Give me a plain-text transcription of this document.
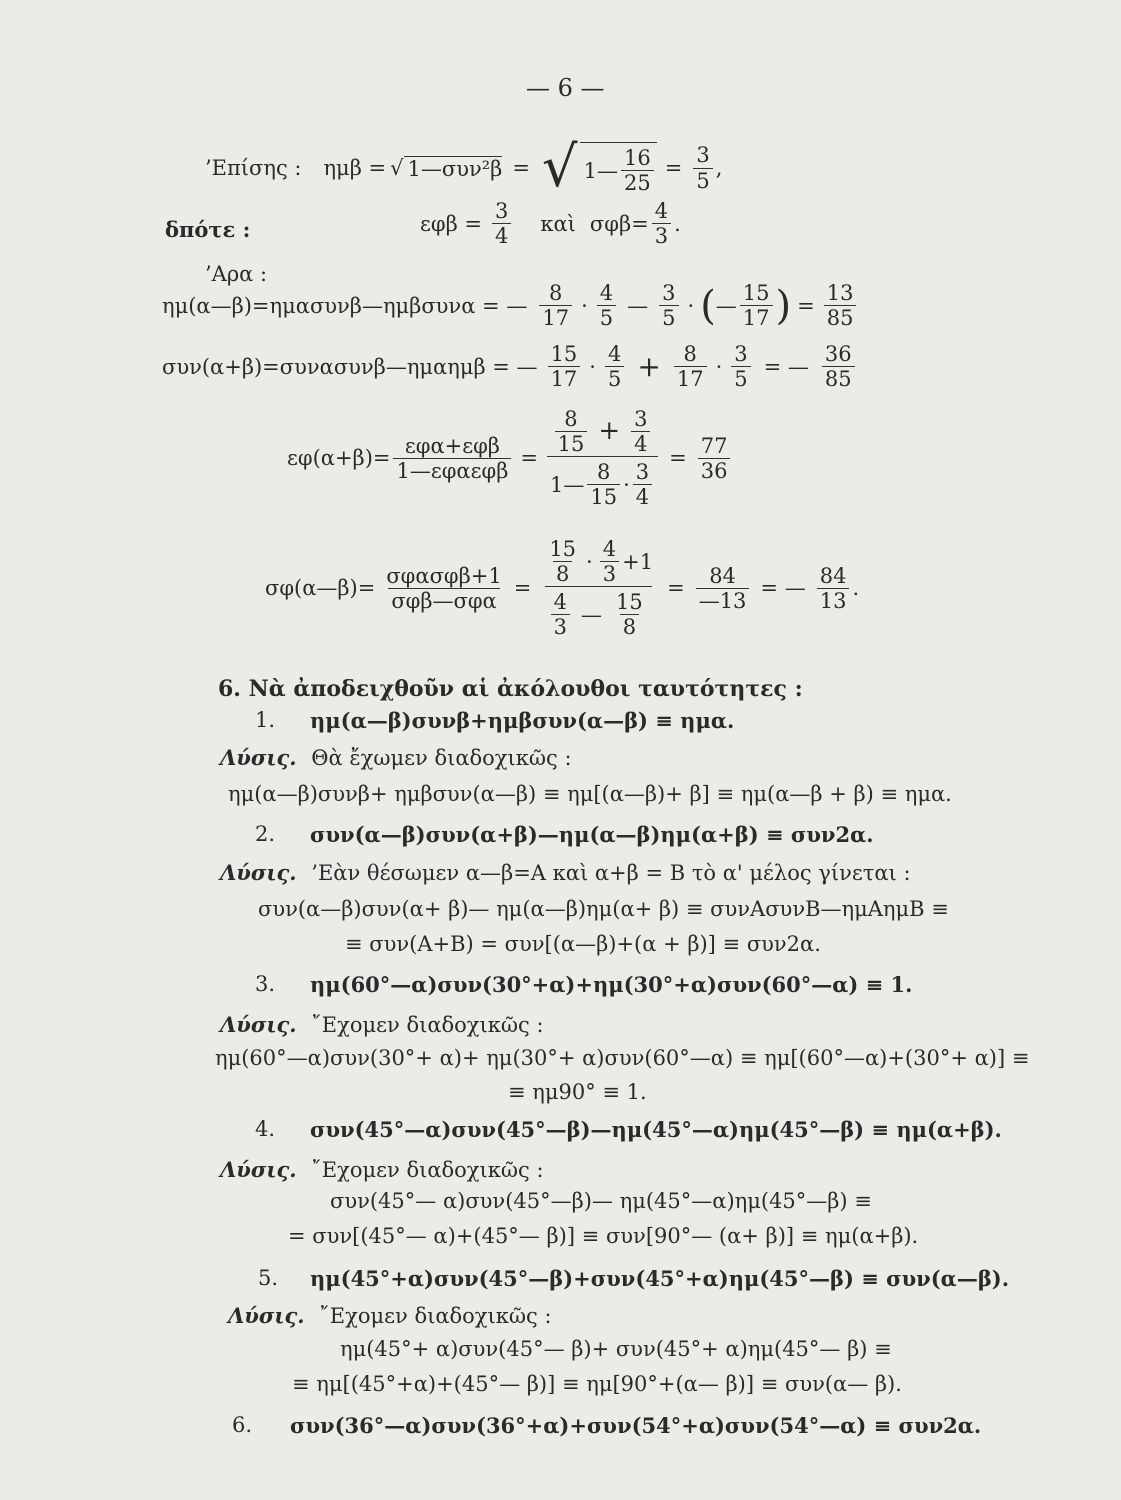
— 6 —
’Επίσης : ημβ = √ 1—συν²β = √ 1— $\frac{16}{25} = \frac{3}{5}$ ,
δπότε :	$\varepsilon\varphi\beta = \frac{3}{4}$ καὶ $\sigma\varphi\beta= \frac{4}{3}$ .
’Αρα :
ημ(α—β)=ημασυνβ—ημβσυνα = — $\frac{8}{17} \cdot \frac{4}{5}$ — $\frac{3}{5}$ · ( — $\frac{15}{17}$ ) = $\frac{13}{85}$
συν(α+β)=συνασυνβ—ημαημβ = — $\frac{15}{17} \cdot \frac{4}{5} + \frac{8}{17} \cdot \frac{3}{5}$ = — $\frac{36}{85}$
$\varepsilon\varphi(\alpha+\beta)= \frac{\text{εφα+εφβ}}{\text{1—εφαεφβ}} = \frac{\frac{8}{15} + \frac{3}{4}}{1— \frac{8}{15} \cdot \frac{3}{4}} = \frac{77}{36}$
σφ(α—β)= $\frac{\text{σφασφβ+1}}{\text{σφβ—σφα}} = \frac{\frac{15}{8} \cdot \frac{4}{3} +1}{\frac{4}{3} — \frac{15}{8}} = \frac{84}{—13}$ = — $\frac{84}{13}$ .
6. Νὰ ἀποδειχθοῦν αἱ ἀκόλουθοι ταυτότητες :
1. ημ(α—β)συνβ+ημβσυν(α—β) ≡ ημα.
Λύσις. Θὰ ἔχωμεν διαδοχικῶς :
ημ(α—β)συνβ+ ημβσυν(α—β) ≡ ημ[(α—β)+ β] ≡ ημ(α—β + β) ≡ ημα.
2. συν(α—β)συν(α+β)—ημ(α—β)ημ(α+β) ≡ συν2α.
Λύσις. ’Εὰν θέσωμεν α—β=Α καὶ α+β = Β τὸ α' μέλος γίνεται :
συν(α—β)συν(α+ β)— ημ(α—β)ημ(α+ β) ≡ συνΑσυνΒ—ημΑημΒ ≡
≡ συν(Α+Β) = συν[(α—β)+(α + β)] ≡ συν2α.
3. ημ(60°—α)συν(30°+α)+ημ(30°+α)συν(60°—α) ≡ 1.
Λύσις. ῎Εχομεν διαδοχικῶς :
ημ(60°—α)συν(30°+ α)+ ημ(30°+ α)συν(60°—α) ≡ ημ[(60°—α)+(30°+ α)] ≡
≡ ημ90° ≡ 1.
4. συν(45°—α)συν(45°—β)—ημ(45°—α)ημ(45°—β) ≡ ημ(α+β).
Λύσις. ῎Εχομεν διαδοχικῶς :
συν(45°— α)συν(45°—β)— ημ(45°—α)ημ(45°—β) ≡
= συν[(45°— α)+(45°— β)] ≡ συν[90°— (α+ β)] ≡ ημ(α+β).
5. ημ(45°+α)συν(45°—β)+συν(45°+α)ημ(45°—β) ≡ συν(α—β).
Λύσις. ῎Εχομεν διαδοχικῶς :
ημ(45°+ α)συν(45°— β)+ συν(45°+ α)ημ(45°— β) ≡
≡ ημ[(45°+α)+(45°— β)] ≡ ημ[90°+(α— β)] ≡ συν(α— β).
6. συν(36°—α)συν(36°+α)+συν(54°+α)συν(54°—α) ≡ συν2α.
